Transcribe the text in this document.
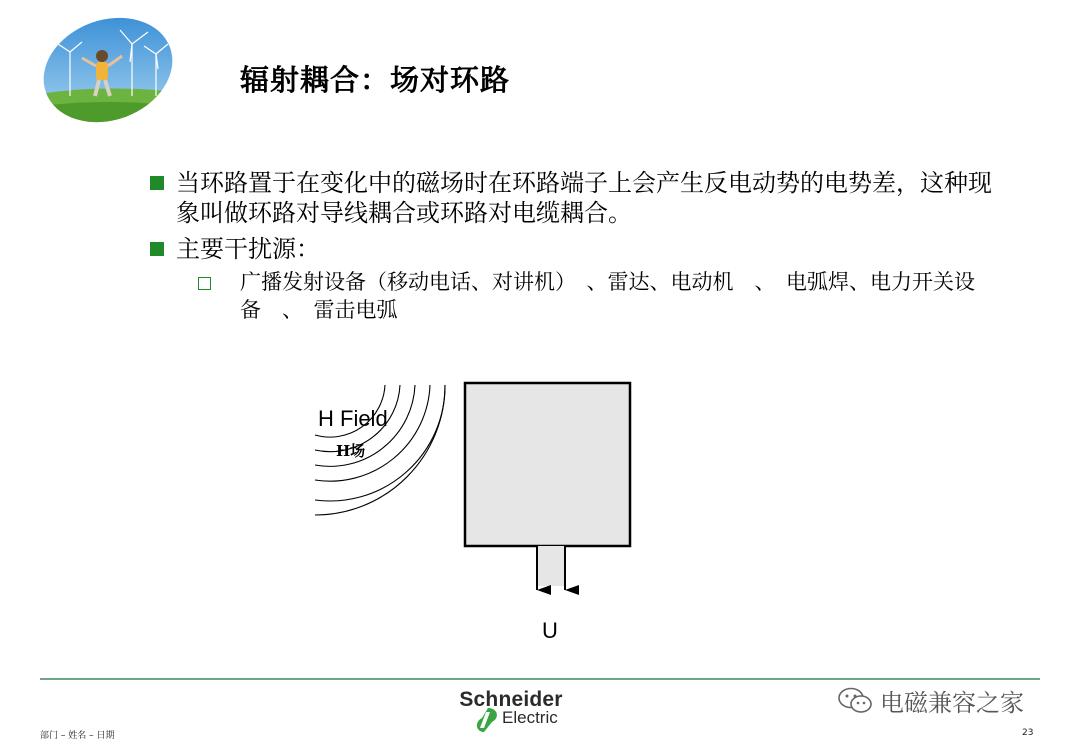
辐射耦合：场对环路
当环路置于在变化中的磁场时在环路端子上会产生反电动势的电势差，这种现象叫做环路对导线耦合或环路对电缆耦合。
主要干扰源：
广播发射设备（移动电话、对讲机）　、雷达、电动机　、　电弧焊、电力开关设备　、　雷击电弧
H Field
H场
U
Schneider
Electric
部门 – 姓名 – 日期	23
电磁兼容之家
